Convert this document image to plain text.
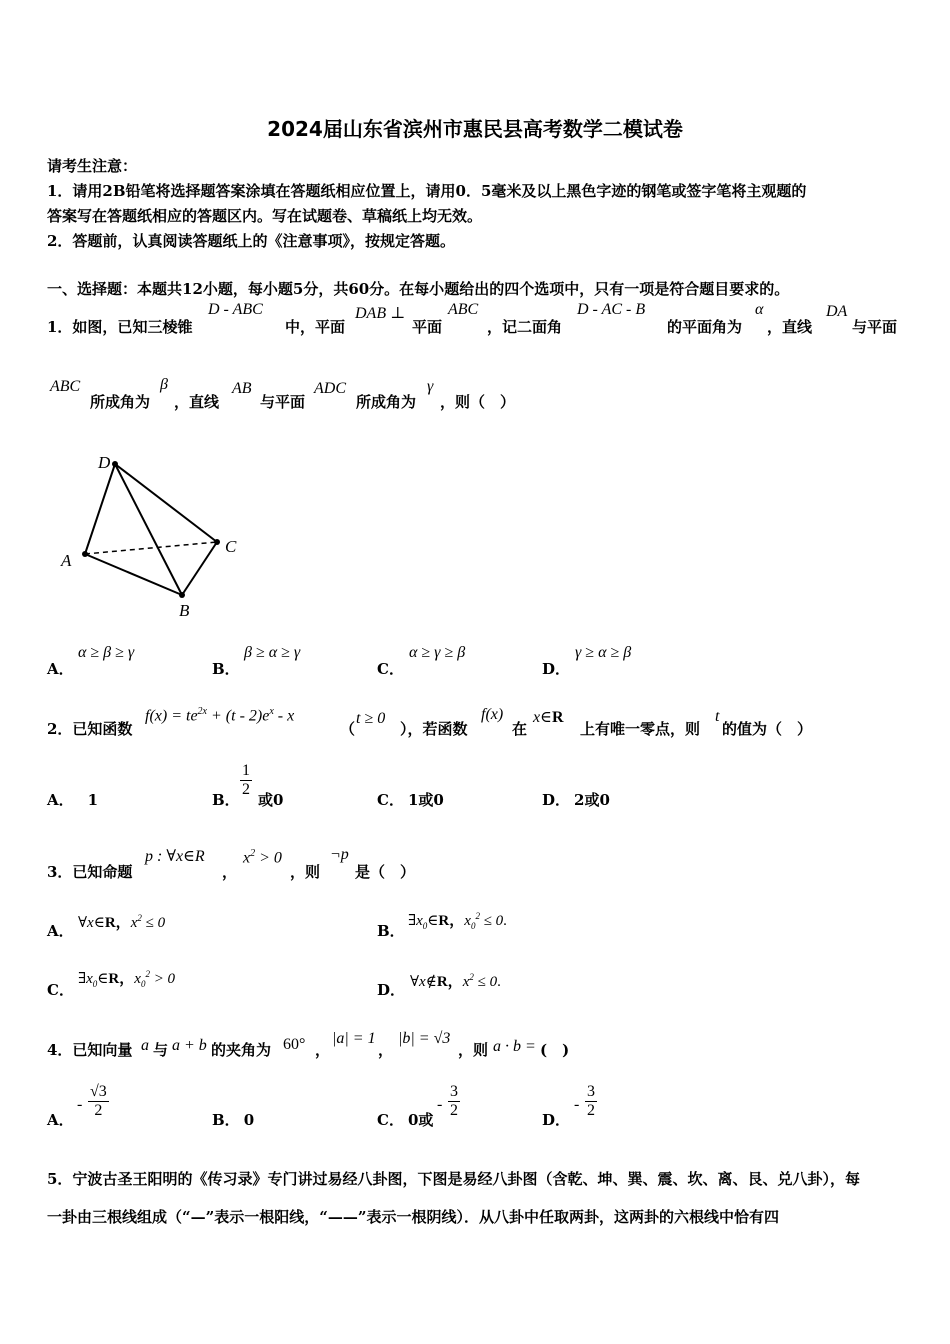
2024届山东省滨州市惠民县高考数学二模试卷
请考生注意：
1．请用2B铅笔将选择题答案涂填在答题纸相应位置上，请用0．5毫米及以上黑色字迹的钢笔或签字笔将主观题的
答案写在答题纸相应的答题区内。写在试题卷、草稿纸上均无效。
2．答题前，认真阅读答题纸上的《注意事项》，按规定答题。
一、选择题：本题共12小题，每小题5分，共60分。在每小题给出的四个选项中，只有一项是符合题目要求的。
1．如图，已知三棱锥
D - ABC
中，平面
DAB ⊥
平面
ABC
，记二面角
D - AC - B
的平面角为
α
，直线
DA
与平面
ABC
所成角为
β
，直线
AB
与平面
ADC
所成角为
γ
，则（　）
D
A
C
B
A．
α ≥ β ≥ γ
B．
β ≥ α ≥ γ
C．
α ≥ γ ≥ β
D．
γ ≥ α ≥ β
2．已知函数
$f(x) = te^{2x} + (t - 2)e^x - x$
（
t ≥ 0
），若函数
f(x)
在
x∈R
上有唯一零点，则
t
的值为（　）
A． 1	B．
$\frac{1}{2}$
或0	C． 1或0	D． 2或0
3．已知命题
p : ∀x∈R
，
$x^2 > 0$
，则
¬p
是（　）
A． ∀x∈R，$x^2 \le 0$	B．
$\exists x_0\in R$，$x_0^2 \le 0$.
C．
$\exists x_0\in R$，$x_0^2 > 0$
D． ∀x∉R，$x^2 \le 0$.
4．已知向量 a 与 a + b 的夹角为 60° ，
|a| = 1
，
|b| = √3
，则 a · b = (　)
A．
- $\frac{√3}{2}$	B． 0	C． 0或
- $\frac{3}{2}$	D．
- $\frac{3}{2}$
5．宁波古圣王阳明的《传习录》专门讲过易经八卦图，下图是易经八卦图（含乾、坤、巽、震、坎、离、艮、兑八卦），每
一卦由三根线组成（“—”表示一根阳线，“——”表示一根阴线）．从八卦中任取两卦，这两卦的六根线中恰有四
